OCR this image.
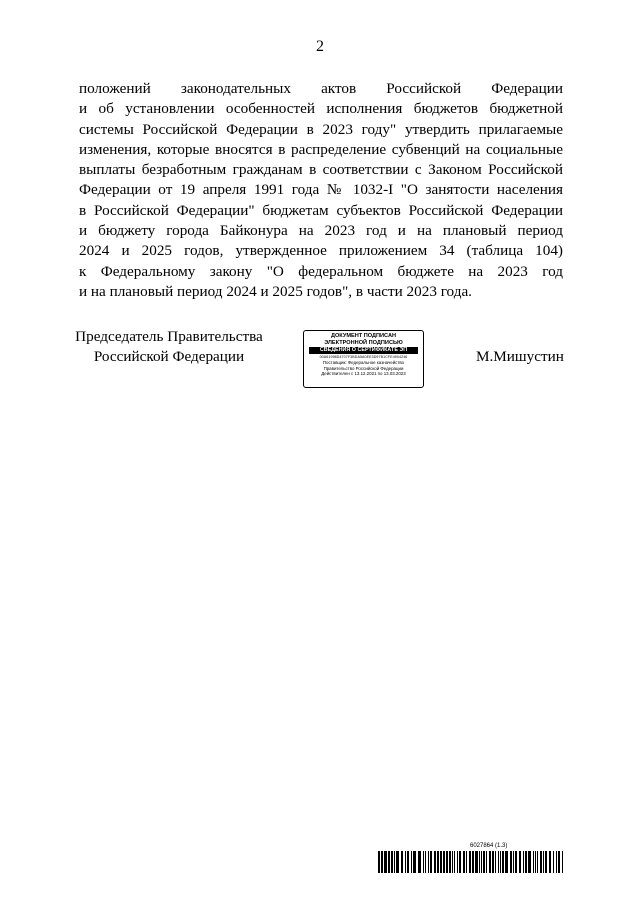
2
положений законодательных актов Российской Федерации
и об установлении особенностей исполнения бюджетов бюджетной
системы Российской Федерации в 2023 году" утвердить прилагаемые
изменения, которые вносятся в распределение субвенций на социальные
выплаты безработным гражданам в соответствии с Законом Российской
Федерации от 19 апреля 1991 года № 1032-I "О занятости населения
в Российской Федерации" бюджетам субъектов Российской Федерации
и бюджету города Байконура на 2023 год и на плановый период
2024 и 2025 годов, утвержденное приложением 34 (таблица 104)
к Федеральному закону "О федеральном бюджете на 2023 год
и на плановый период 2024 и 2025 годов", в части 2023 года.
Председатель Правительства
Российской Федерации
ДОКУМЕНТ ПОДПИСАН
ЭЛЕКТРОННОЙ ПОДПИСЬЮ
СВЕДЕНИЯ О СЕРТИФИКАТЕ ЭП
00A61998D4707F3BDA5A0EE3D97B1CFE4904246
Поставщик: Федеральное казначейство
Правительство Российской Федерации
Действителен с 13.12.2021 по 13.03.2023
М.Мишустин
6027864 (1.3)
